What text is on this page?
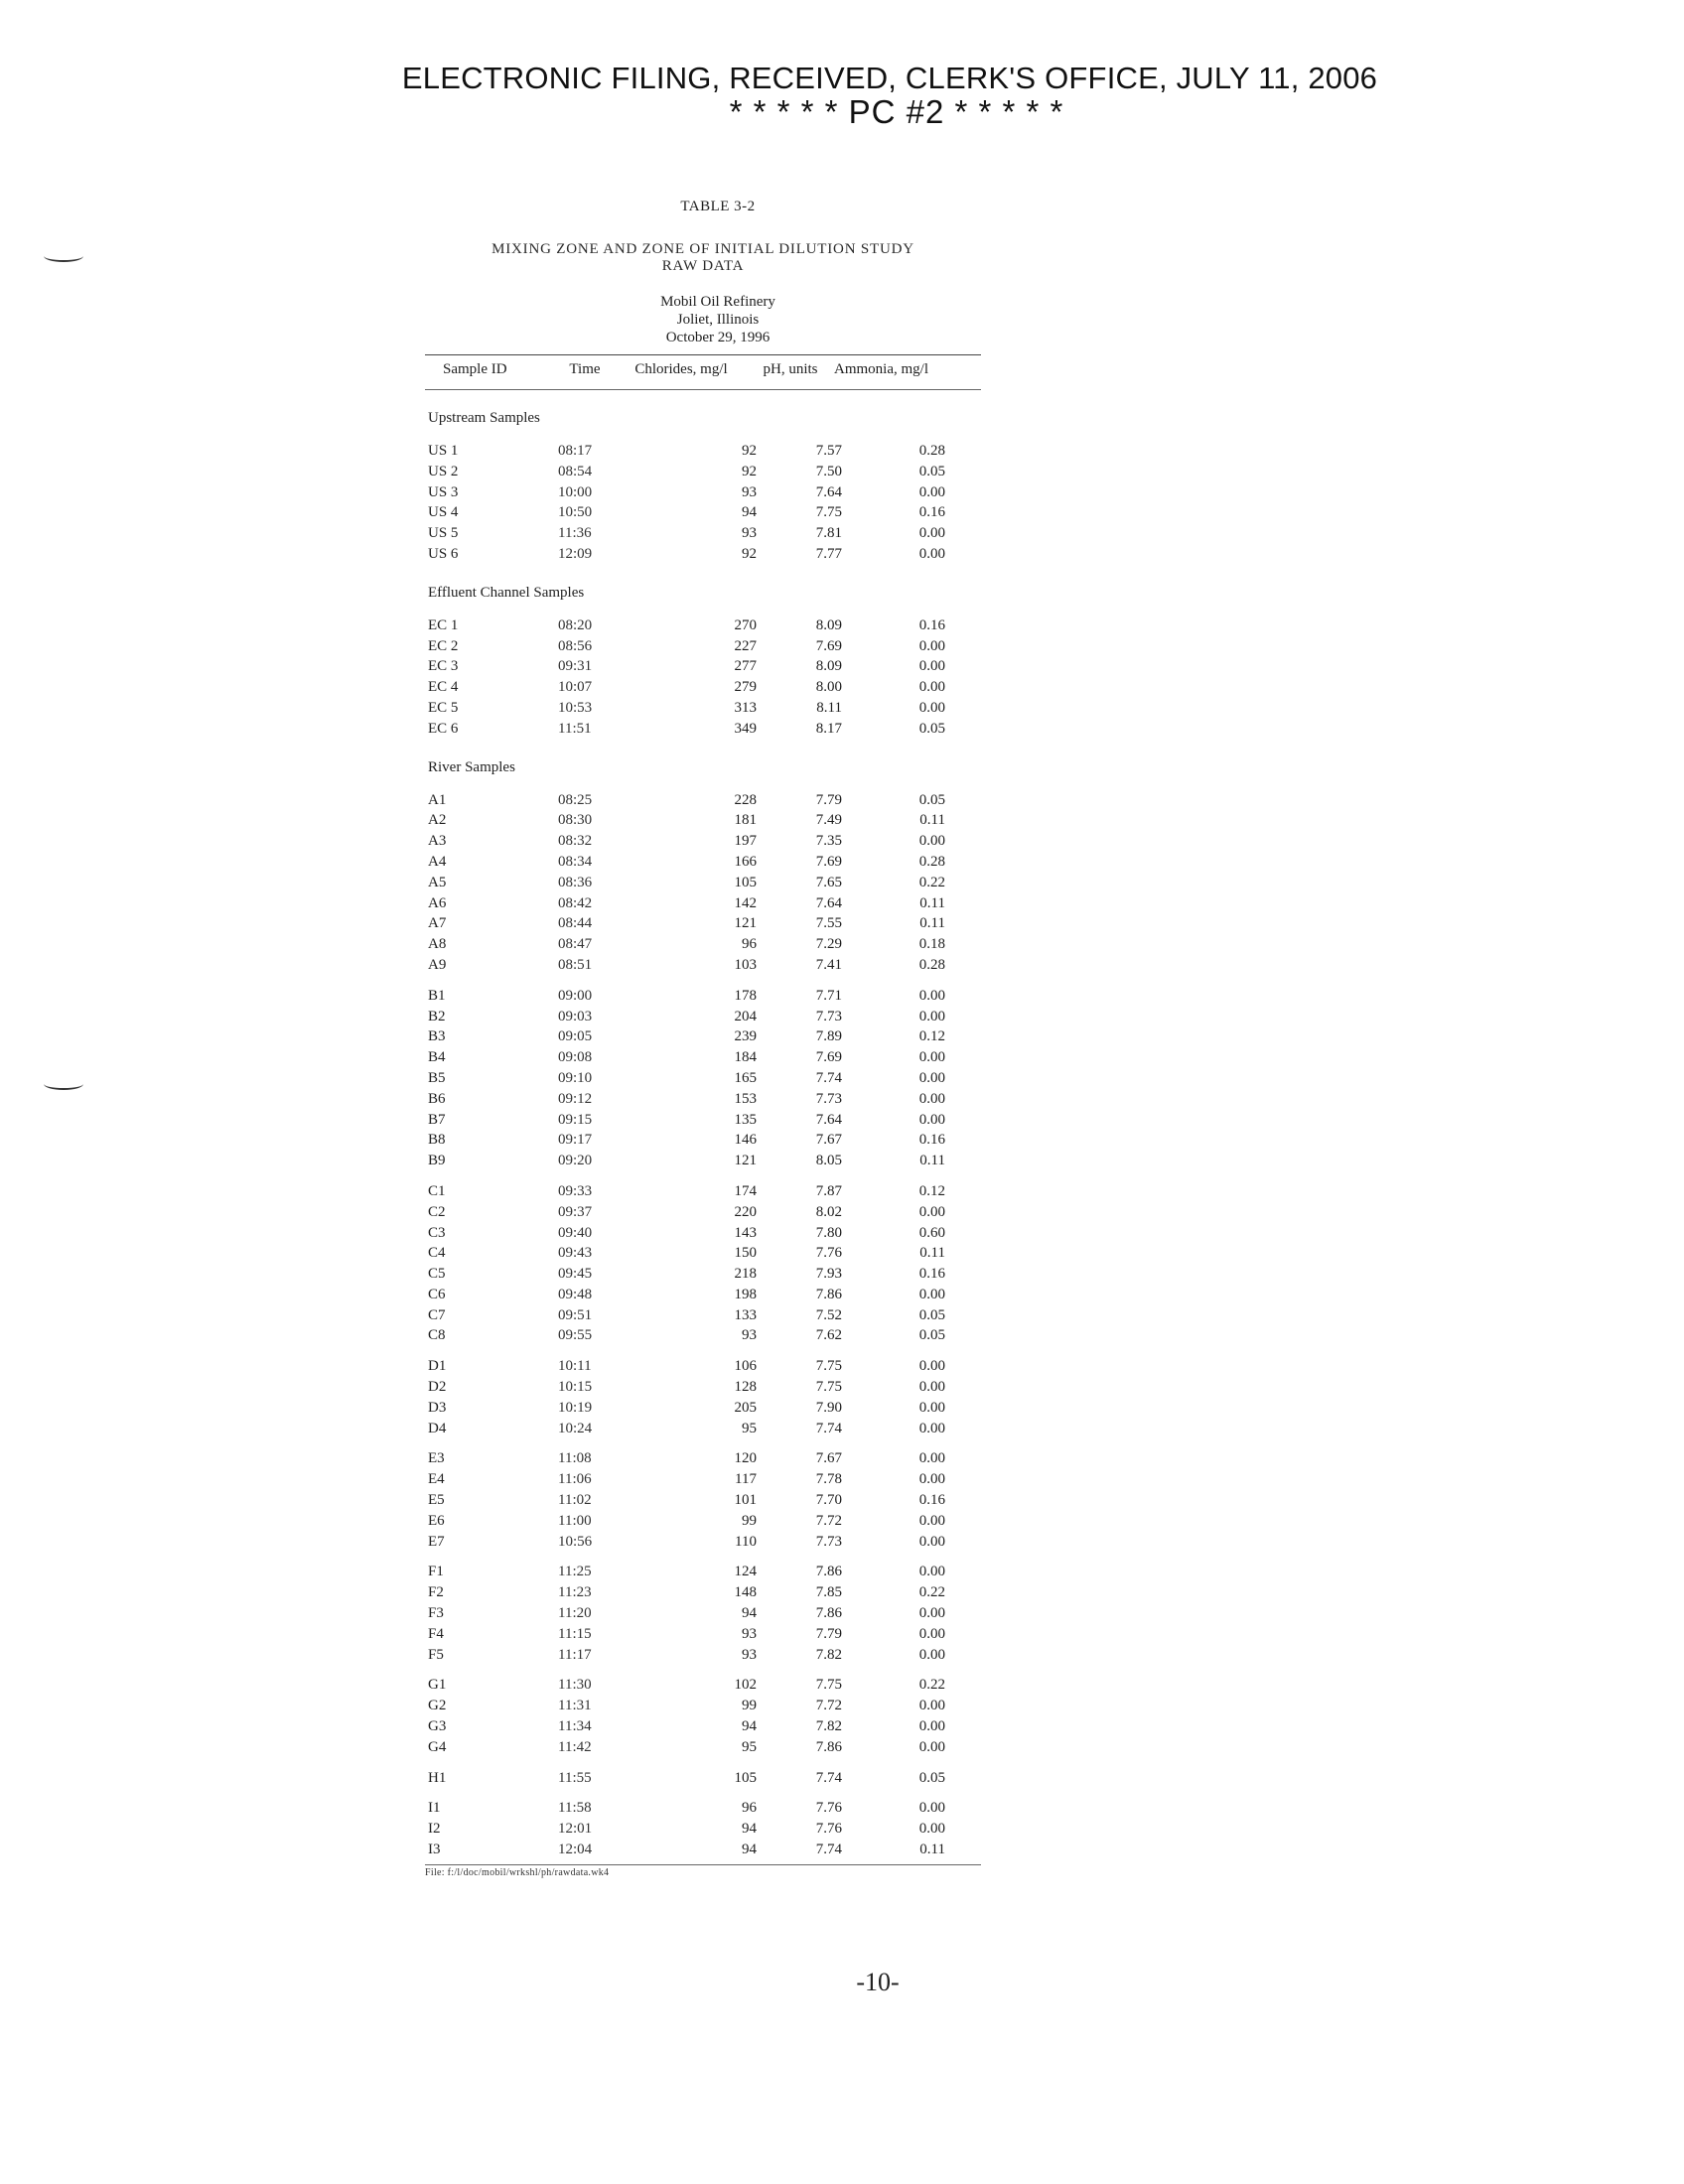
ELECTRONIC FILING, RECEIVED, CLERK'S OFFICE, JULY 11, 2006
* * * * * PC #2 * * * * *
TABLE 3-2
MIXING ZONE AND ZONE OF INITIAL DILUTION STUDY
RAW DATA
Mobil Oil Refinery
Joliet, Illinois
October 29, 1996
Sample ID	Time	Chlorides, mg/l	pH, units	Ammonia, mg/l
Upstream Samples
US 1	08:17	92	7.57	0.28
US 2	08:54	92	7.50	0.05
US 3	10:00	93	7.64	0.00
US 4	10:50	94	7.75	0.16
US 5	11:36	93	7.81	0.00
US 6	12:09	92	7.77	0.00
Effluent Channel Samples
EC 1	08:20	270	8.09	0.16
EC 2	08:56	227	7.69	0.00
EC 3	09:31	277	8.09	0.00
EC 4	10:07	279	8.00	0.00
EC 5	10:53	313	8.11	0.00
EC 6	11:51	349	8.17	0.05
River Samples
A1	08:25	228	7.79	0.05
A2	08:30	181	7.49	0.11
A3	08:32	197	7.35	0.00
A4	08:34	166	7.69	0.28
A5	08:36	105	7.65	0.22
A6	08:42	142	7.64	0.11
A7	08:44	121	7.55	0.11
A8	08:47	96	7.29	0.18
A9	08:51	103	7.41	0.28
B1	09:00	178	7.71	0.00
B2	09:03	204	7.73	0.00
B3	09:05	239	7.89	0.12
B4	09:08	184	7.69	0.00
B5	09:10	165	7.74	0.00
B6	09:12	153	7.73	0.00
B7	09:15	135	7.64	0.00
B8	09:17	146	7.67	0.16
B9	09:20	121	8.05	0.11
C1	09:33	174	7.87	0.12
C2	09:37	220	8.02	0.00
C3	09:40	143	7.80	0.60
C4	09:43	150	7.76	0.11
C5	09:45	218	7.93	0.16
C6	09:48	198	7.86	0.00
C7	09:51	133	7.52	0.05
C8	09:55	93	7.62	0.05
D1	10:11	106	7.75	0.00
D2	10:15	128	7.75	0.00
D3	10:19	205	7.90	0.00
D4	10:24	95	7.74	0.00
E3	11:08	120	7.67	0.00
E4	11:06	117	7.78	0.00
E5	11:02	101	7.70	0.16
E6	11:00	99	7.72	0.00
E7	10:56	110	7.73	0.00
F1	11:25	124	7.86	0.00
F2	11:23	148	7.85	0.22
F3	11:20	94	7.86	0.00
F4	11:15	93	7.79	0.00
F5	11:17	93	7.82	0.00
G1	11:30	102	7.75	0.22
G2	11:31	99	7.72	0.00
G3	11:34	94	7.82	0.00
G4	11:42	95	7.86	0.00
H1	11:55	105	7.74	0.05
I1	11:58	96	7.76	0.00
I2	12:01	94	7.76	0.00
I3	12:04	94	7.74	0.11
File: f:/l/doc/mobil/wrkshl/ph/rawdata.wk4
-10-
